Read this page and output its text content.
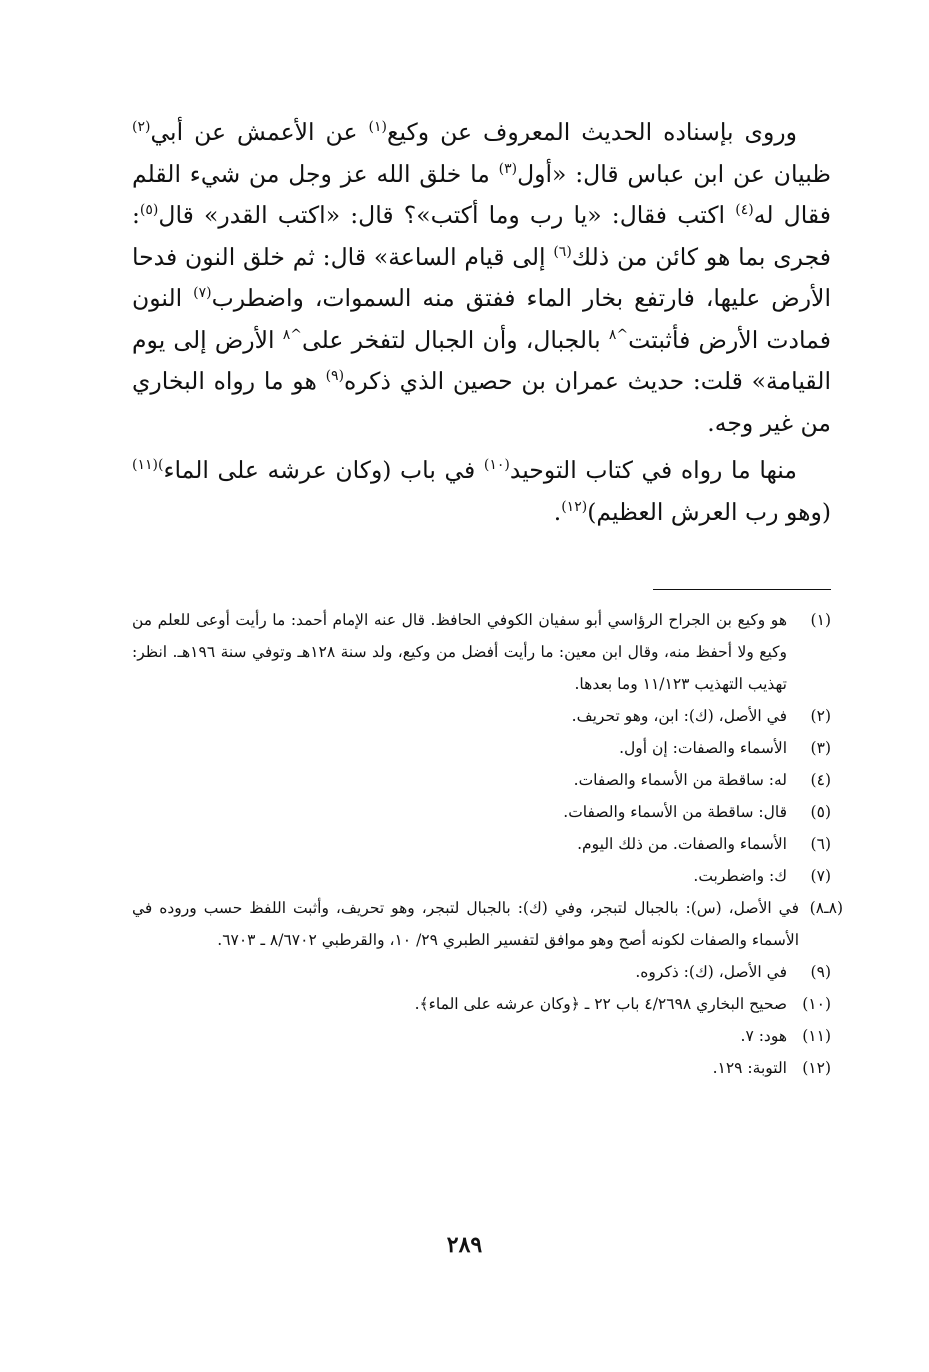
وروى بإسناده الحديث المعروف عن وكيع$^{(١)}$ عن الأعمش عن أبي$^{(٢)}$ ظبيان عن ابن عباس قال: «أول$^{(٣)}$ ما خلق الله عز وجل من شيء القلم فقال له$^{(٤)}$ اكتب فقال: «يا رب وما أكتب»؟ قال: «اكتب القدر» قال$^{(٥)}$: فجرى بما هو كائن من ذلك$^{(٦)}$ إلى قيام الساعة» قال: ثم خلق النون فدحا الأرض عليها، فارتفع بخار الماء ففتق منه السموات، واضطرب$^{(٧)}$ النون فمادت الأرض فأثبتت$^{\^{}٨}$ بالجبال، وأن الجبال لتفخر على$^{\^{}٨}$ الأرض إلى يوم القيامة» قلت: حديث عمران بن حصين الذي ذكره$^{(٩)}$ هو ما رواه البخاري من غير وجه.

منها ما رواه في كتاب التوحيد$^{(١٠)}$ في باب (وكان عرشه على الماء$^{)(١١)}$ (وهو رب العرش العظيم)$^{(١٢)}$.

(١)
هو وكيع بن الجراح الرؤاسي أبو سفيان الكوفي الحافظ. قال عنه الإمام أحمد: ما رأيت أوعى للعلم من وكيع ولا أحفظ منه، وقال ابن معين: ما رأيت أفضل من وكيع، ولد سنة ١٢٨هـ وتوفي سنة ١٩٦هـ. انظر: تهذيب التهذيب ١١/١٢٣ وما بعدها.
(٢)
في الأصل، (ك): ابن، وهو تحريف.
(٣)
الأسماء والصفات: إن أول.
(٤)
له: ساقطة من الأسماء والصفات.
(٥)
قال: ساقطة من الأسماء والصفات.
(٦)
الأسماء والصفات. من ذلك اليوم.
(٧)
ك: واضطربت.
(٨ـ٨)
في الأصل، (س): بالجبال لتبجر، وفي (ك): بالجبال لتبجر، وهو تحريف، وأثبت اللفظ حسب وروده في الأسماء والصفات لكونه أصح وهو موافق لتفسير الطبري ٢٩/ ١٠، والقرطبي ٨/٦٧٠٢ ـ ٦٧٠٣.
(٩)
في الأصل، (ك): ذكروه.
(١٠)
صحيح البخاري ٤/٢٦٩٨ باب ٢٢ ـ ﴿وكان عرشه على الماء﴾.
(١١)
هود: ٧.
(١٢)
التوبة: ١٢٩.
٢٨٩
